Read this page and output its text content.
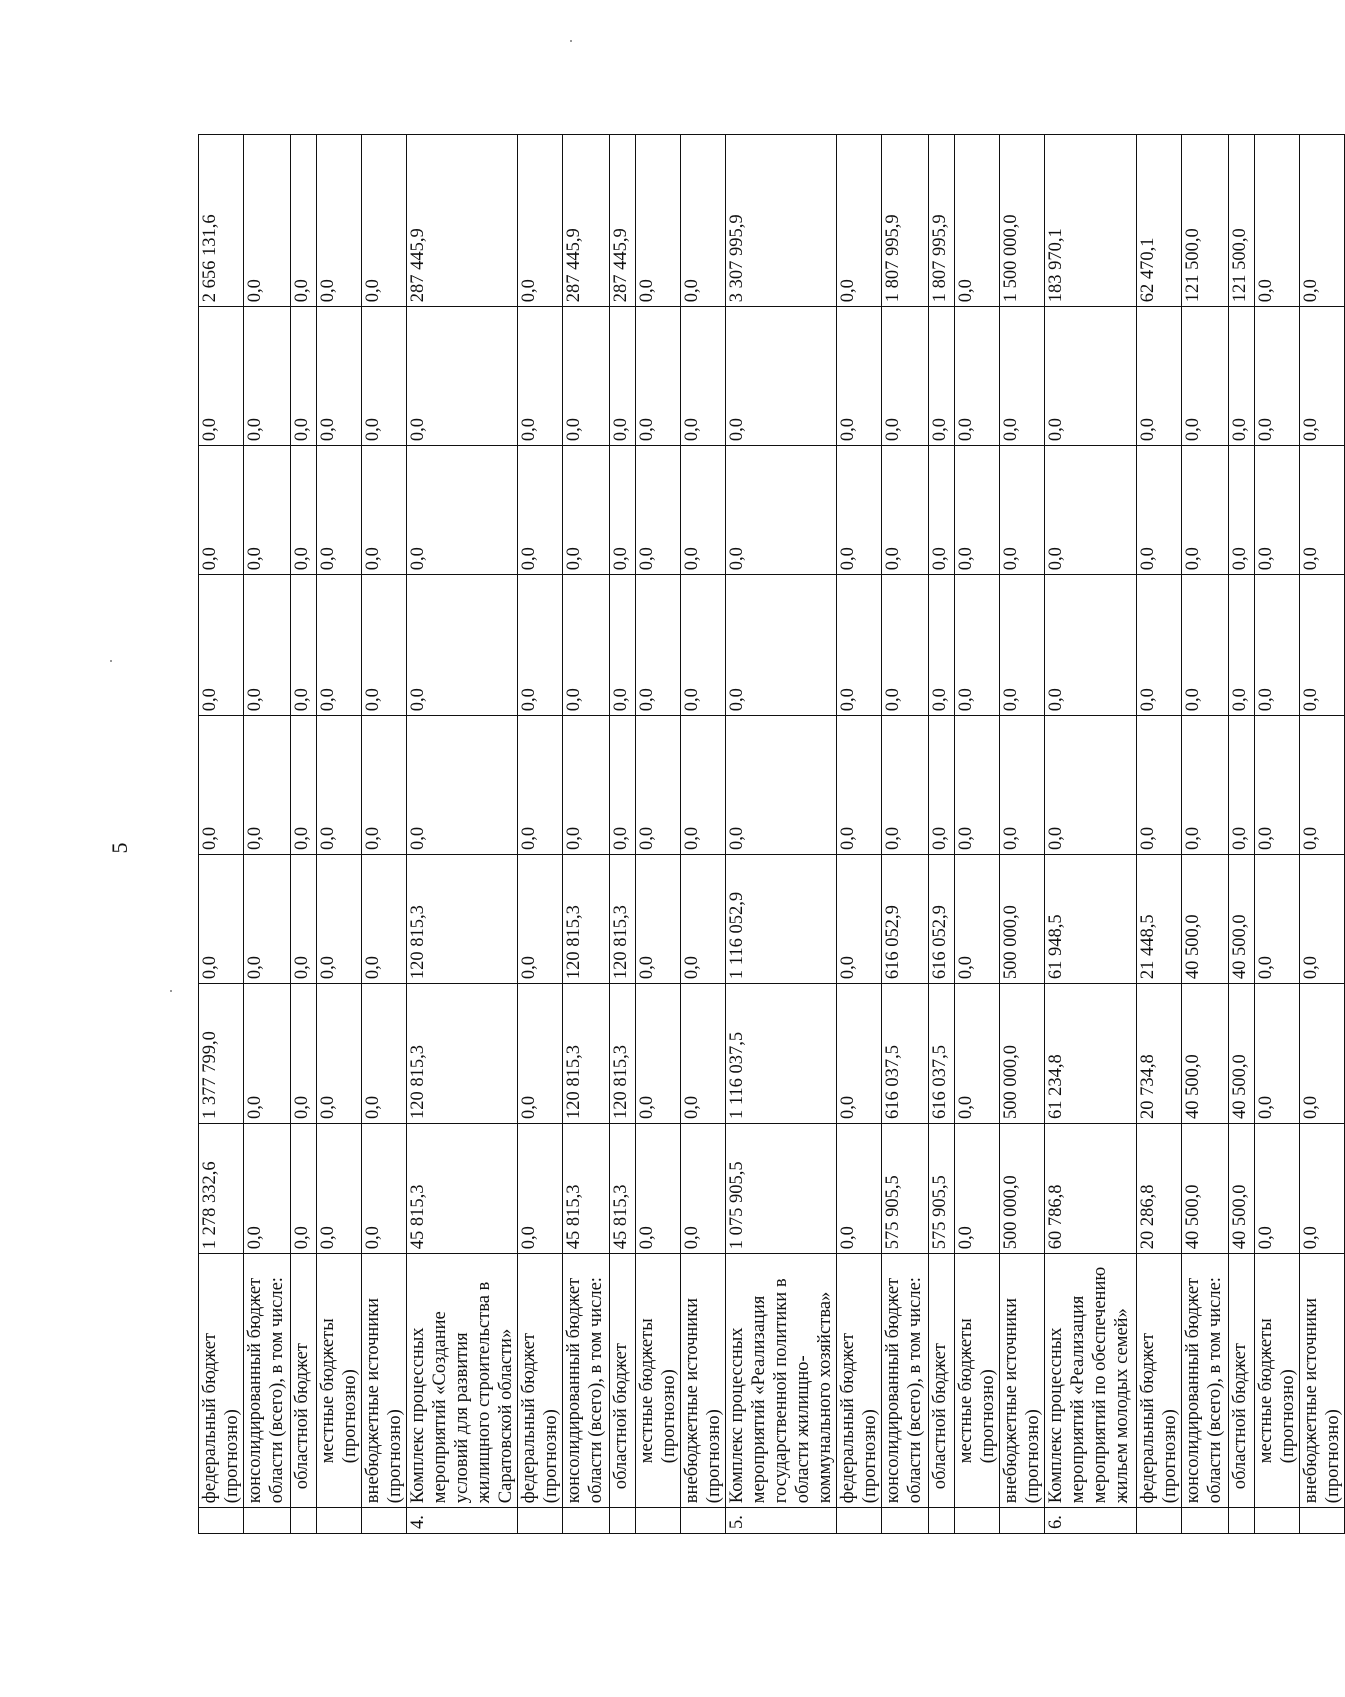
5
	федеральный бюджет (прогнозно)	1 278 332,6	1 377 799,0	0,0	0,0	0,0	0,0	0,0	2 656 131,6
	консолидированный бюджет области (всего), в том числе:	0,0	0,0	0,0	0,0	0,0	0,0	0,0	0,0
	областной бюджет	0,0	0,0	0,0	0,0	0,0	0,0	0,0	0,0
	местные бюджеты (прогнозно)	0,0	0,0	0,0	0,0	0,0	0,0	0,0	0,0
	внебюджетные источники (прогнозно)	0,0	0,0	0,0	0,0	0,0	0,0	0,0	0,0
4.	Комплекс процессных мероприятий «Создание условий для развития жилищного строительства в Саратовской области»	45 815,3	120 815,3	120 815,3	0,0	0,0	0,0	0,0	287 445,9
	федеральный бюджет (прогнозно)	0,0	0,0	0,0	0,0	0,0	0,0	0,0	0,0
	консолидированный бюджет области (всего), в том числе:	45 815,3	120 815,3	120 815,3	0,0	0,0	0,0	0,0	287 445,9
	областной бюджет	45 815,3	120 815,3	120 815,3	0,0	0,0	0,0	0,0	287 445,9
	местные бюджеты (прогнозно)	0,0	0,0	0,0	0,0	0,0	0,0	0,0	0,0
	внебюджетные источники (прогнозно)	0,0	0,0	0,0	0,0	0,0	0,0	0,0	0,0
5.	Комплекс процессных мероприятий «Реализация государственной политики в области жилищно-коммунального хозяйства»	1 075 905,5	1 116 037,5	1 116 052,9	0,0	0,0	0,0	0,0	3 307 995,9
	федеральный бюджет (прогнозно)	0,0	0,0	0,0	0,0	0,0	0,0	0,0	0,0
	консолидированный бюджет области (всего), в том числе:	575 905,5	616 037,5	616 052,9	0,0	0,0	0,0	0,0	1 807 995,9
	областной бюджет	575 905,5	616 037,5	616 052,9	0,0	0,0	0,0	0,0	1 807 995,9
	местные бюджеты (прогнозно)	0,0	0,0	0,0	0,0	0,0	0,0	0,0	0,0
	внебюджетные источники (прогнозно)	500 000,0	500 000,0	500 000,0	0,0	0,0	0,0	0,0	1 500 000,0
6.	Комплекс процессных мероприятий «Реализация мероприятий по обеспечению жильем молодых семей»	60 786,8	61 234,8	61 948,5	0,0	0,0	0,0	0,0	183 970,1
	федеральный бюджет (прогнозно)	20 286,8	20 734,8	21 448,5	0,0	0,0	0,0	0,0	62 470,1
	консолидированный бюджет области (всего), в том числе:	40 500,0	40 500,0	40 500,0	0,0	0,0	0,0	0,0	121 500,0
	областной бюджет	40 500,0	40 500,0	40 500,0	0,0	0,0	0,0	0,0	121 500,0
	местные бюджеты (прогнозно)	0,0	0,0	0,0	0,0	0,0	0,0	0,0	0,0
	внебюджетные источники (прогнозно)	0,0	0,0	0,0	0,0	0,0	0,0	0,0	0,0
